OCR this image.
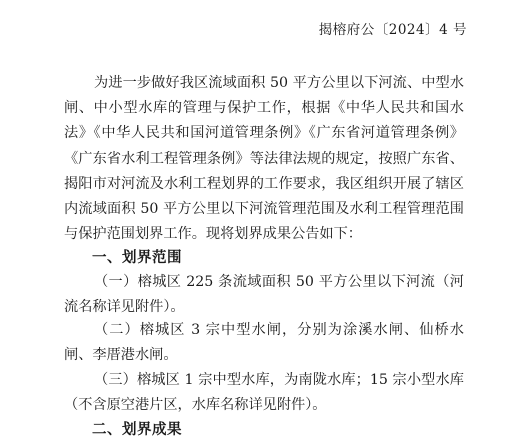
揭榕府公〔2024〕4 号

为进一步做好我区流域面积 50 平方公里以下河流、中型水闸、中小型水库的管理与保护工作，根据《中华人民共和国水法》《中华人民共和国河道管理条例》《广东省河道管理条例》《广东省水利工程管理条例》等法律法规的规定，按照广东省、揭阳市对河流及水利工程划界的工作要求，我区组织开展了辖区内流域面积 50 平方公里以下河流管理范围及水利工程管理范围与保护范围划界工作。现将划界成果公告如下：

一、划界范围

（一）榕城区 225 条流域面积 50 平方公里以下河流（河流名称详见附件）。

（二）榕城区 3 宗中型水闸，分别为涂溪水闸、仙桥水闸、李厝港水闸。

（三）榕城区 1 宗中型水库，为南陇水库；15 宗小型水库（不含原空港片区，水库名称详见附件）。

二、划界成果
